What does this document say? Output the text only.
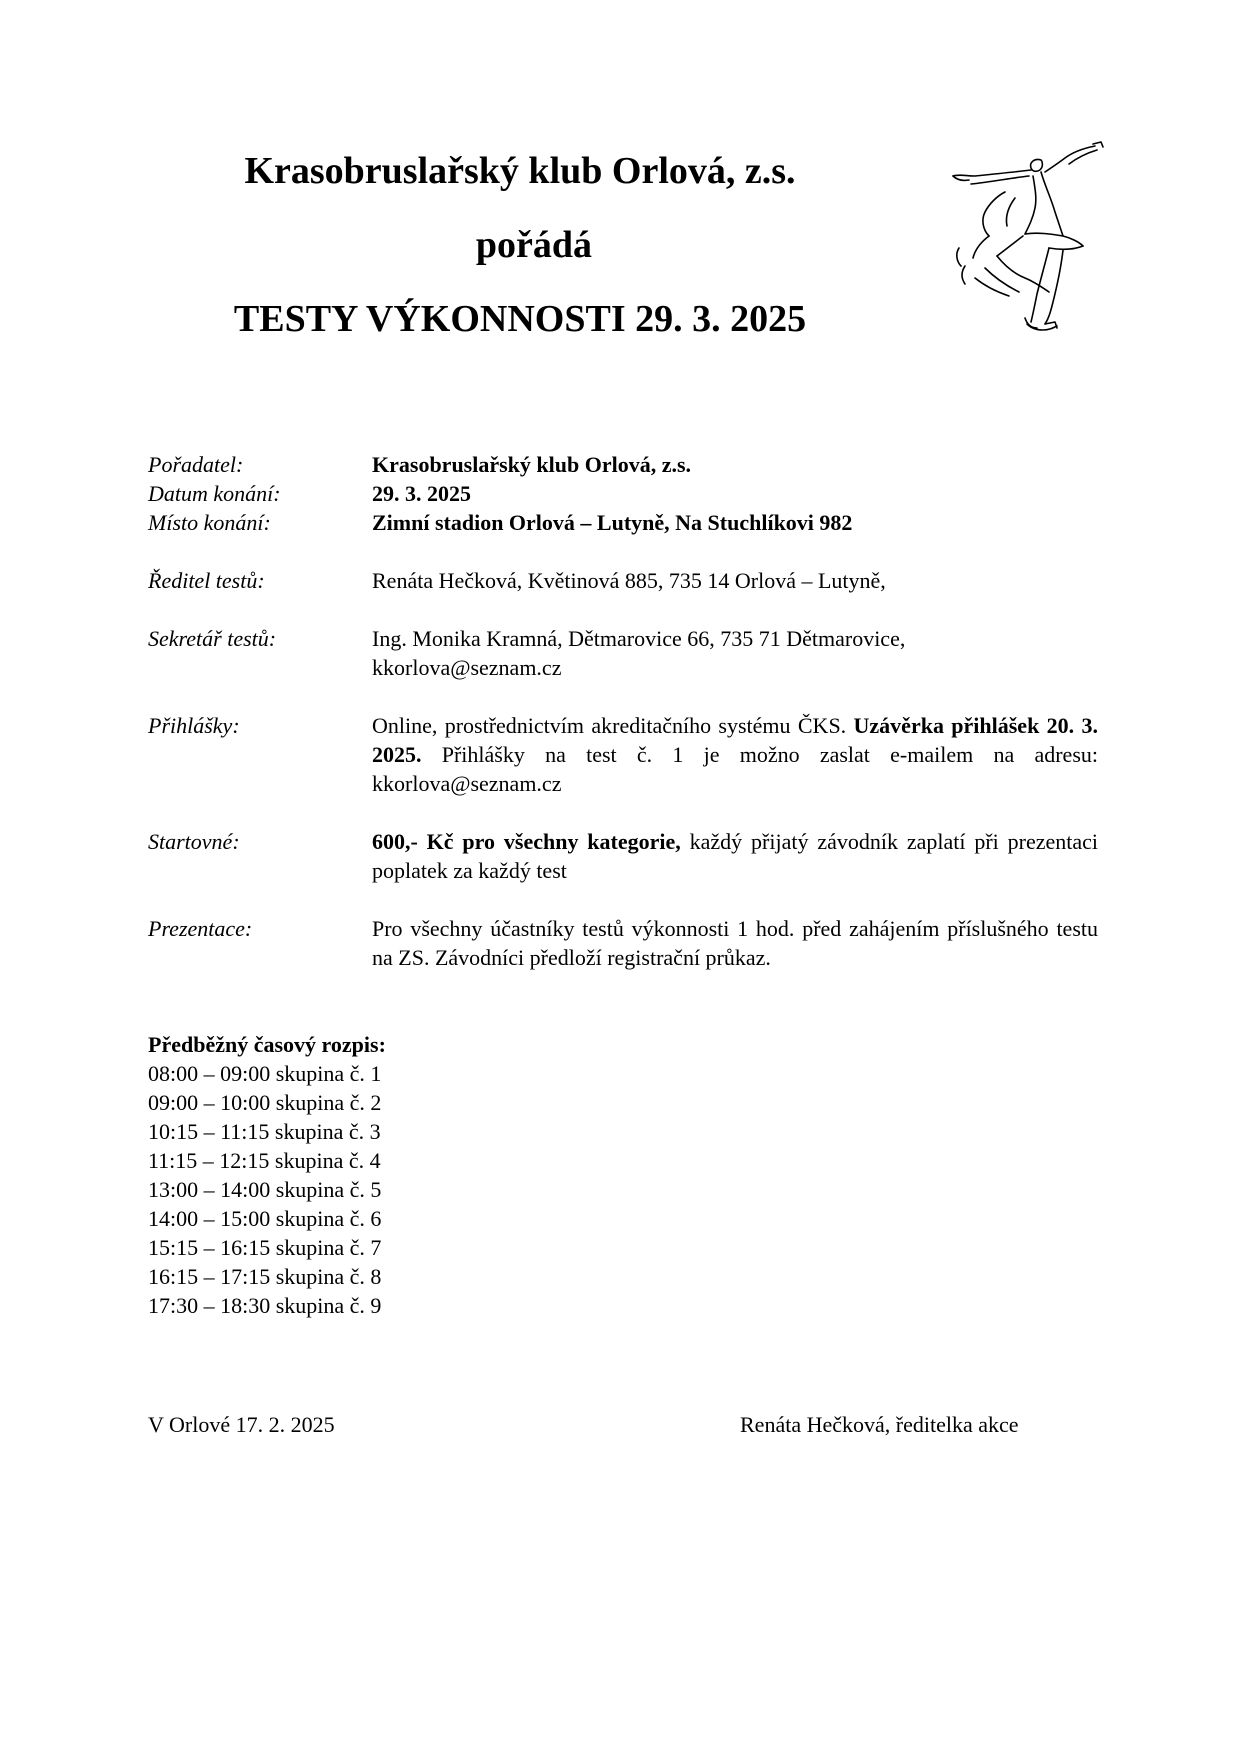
Krasobruslařský klub Orlová, z.s.
pořádá
TESTY VÝKONNOSTI 29. 3. 2025
Pořadatel:	Krasobruslařský klub Orlová, z.s.
Datum konání:	29. 3. 2025
Místo konání:	Zimní stadion Orlová – Lutyně, Na Stuchlíkovi 982
Ředitel testů:	Renáta Hečková, Květinová 885, 735 14 Orlová – Lutyně,
Sekretář testů:	Ing. Monika Kramná, Dětmarovice 66, 735 71 Dětmarovice, kkorlova@seznam.cz
Přihlášky:	Online, prostřednictvím akreditačního systému ČKS. Uzávěrka přihlášek 20. 3. 2025. Přihlášky na test č. 1 je možno zaslat e-mailem na adresu: kkorlova@seznam.cz
Startovné:	600,- Kč pro všechny kategorie, každý přijatý závodník zaplatí při prezentaci poplatek za každý test
Prezentace:	Pro všechny účastníky testů výkonnosti 1 hod. před zahájením příslušného testu na ZS. Závodníci předloží registrační průkaz.
Předběžný časový rozpis:
08:00 – 09:00 skupina č. 1
09:00 – 10:00 skupina č. 2
10:15 – 11:15 skupina č. 3
11:15 – 12:15 skupina č. 4
13:00 – 14:00 skupina č. 5
14:00 – 15:00 skupina č. 6
15:15 – 16:15 skupina č. 7
16:15 – 17:15 skupina č. 8
17:30 – 18:30 skupina č. 9
V Orlové 17. 2. 2025	Renáta Hečková, ředitelka akce
